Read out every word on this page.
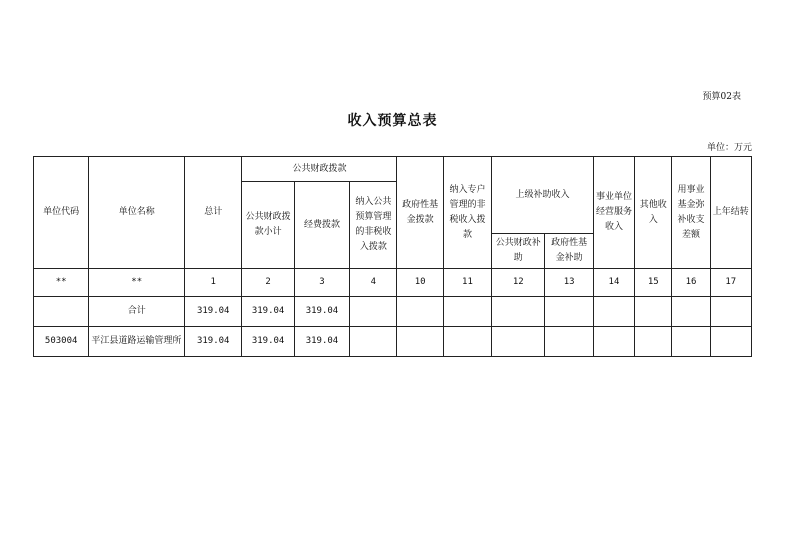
预算02表
收入预算总表
单位：万元
单位代码	单位名称	总计	公共财政拨款			政府性基金拨款	纳入专户管理的非税收入拨款	上级补助收入		事业单位经营服务收入	其他收入	用事业基金弥补收支差额	上年结转
			公共财政拨款小计	经费拨款	纳入公共预算管理的非税收入拨款								
								公共财政补助	政府性基金补助				
**	**	1	2	3	4	10	11	12	13	14	15	16	17
	合计	319.04	319.04	319.04									
503004	平江县道路运输管理所	319.04	319.04	319.04									
